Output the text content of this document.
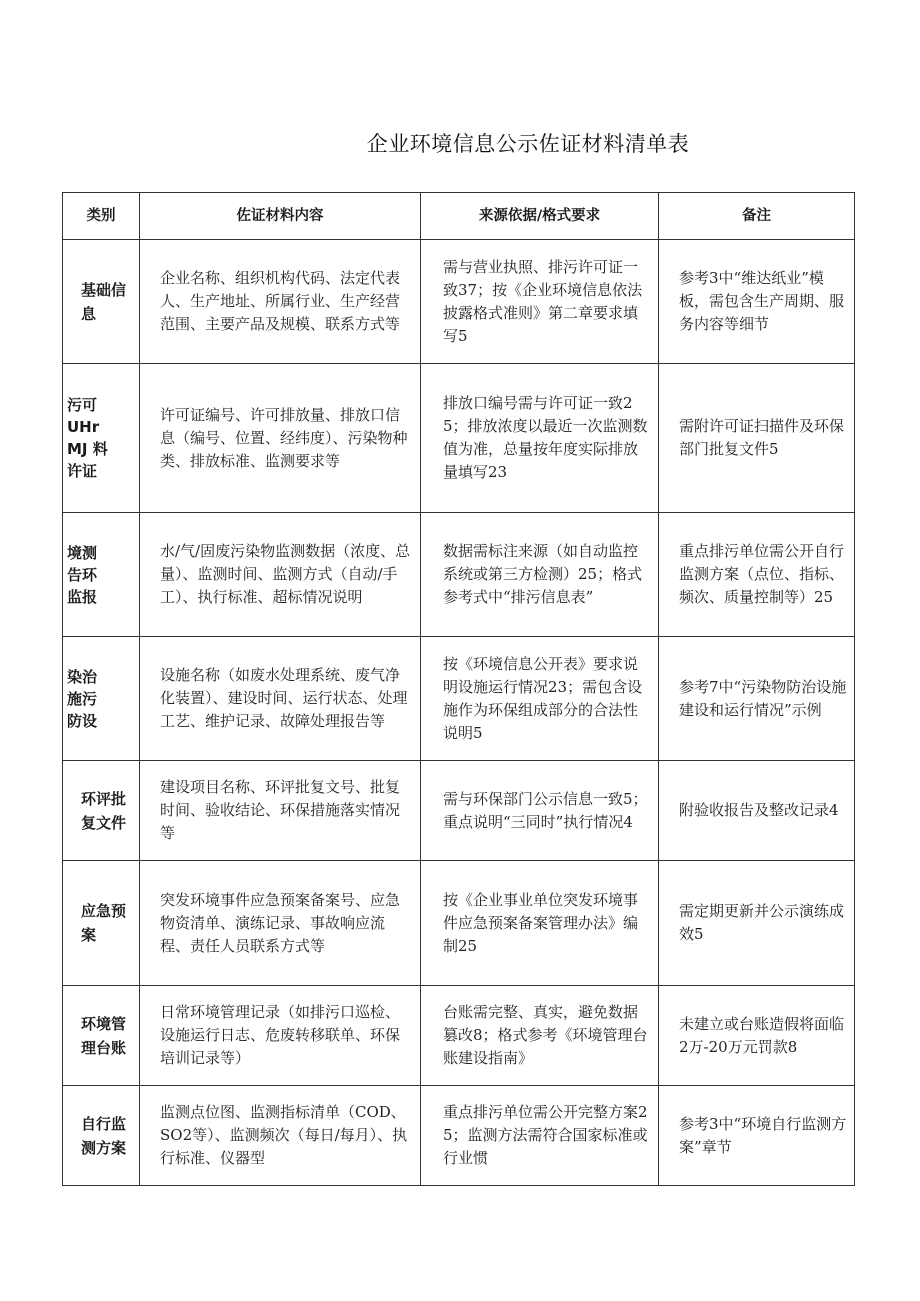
企业环境信息公示佐证材料清单表
类别	佐证材料内容	来源依据/格式要求	备注
基础信息	企业名称、组织机构代码、法定代表人、生产地址、所属行业、生产经营范围、主要产品及规模、联系方式等	需与营业执照、排污许可证一致37；按《企业环境信息依法披露格式准则》第二章要求填写5	参考3中“维达纸业”模板，需包含生产周期、服务内容等细节
污可 UHrMJ 料许证	许可证编号、许可排放量、排放口信息（编号、位置、经纬度）、污染物种类、排放标准、监测要求等	排放口编号需与许可证一致25；排放浓度以最近一次监测数值为准，总量按年度实际排放量填写23	需附许可证扫描件及环保部门批复文件5
境测告环监报	水/气/固废污染物监测数据（浓度、总量）、监测时间、监测方式（自动/手工）、执行标准、超标情况说明	数据需标注来源（如自动监控系统或第三方检测）25；格式参考式中“排污信息表”	重点排污单位需公开自行监测方案（点位、指标、频次、质量控制等）25
染治施污防设	设施名称（如废水处理系统、废气净化装置）、建设时间、运行状态、处理工艺、维护记录、故障处理报告等	按《环境信息公开表》要求说明设施运行情况23；需包含设施作为环保组成部分的合法性说明5	参考7中“污染物防治设施建设和运行情况”示例
环评批复文件	建设项目名称、环评批复文号、批复时间、验收结论、环保措施落实情况等	需与环保部门公示信息一致5；重点说明“三同时”执行情况4	附验收报告及整改记录4
应急预案	突发环境事件应急预案备案号、应急物资清单、演练记录、事故响应流程、责任人员联系方式等	按《企业事业单位突发环境事件应急预案备案管理办法》编制25	需定期更新并公示演练成效5
环境管理台账	日常环境管理记录（如排污口巡检、设施运行日志、危废转移联单、环保培训记录等）	台账需完整、真实，避免数据篡改8；格式参考《环境管理台账建设指南》	未建立或台账造假将面临2万-20万元罚款8
自行监测方案	监测点位图、监测指标清单（COD、SO2等）、监测频次（每日/每月）、执行标准、仪器型	重点排污单位需公开完整方案25；监测方法需符合国家标准或行业惯	参考3中“环境自行监测方案”章节
